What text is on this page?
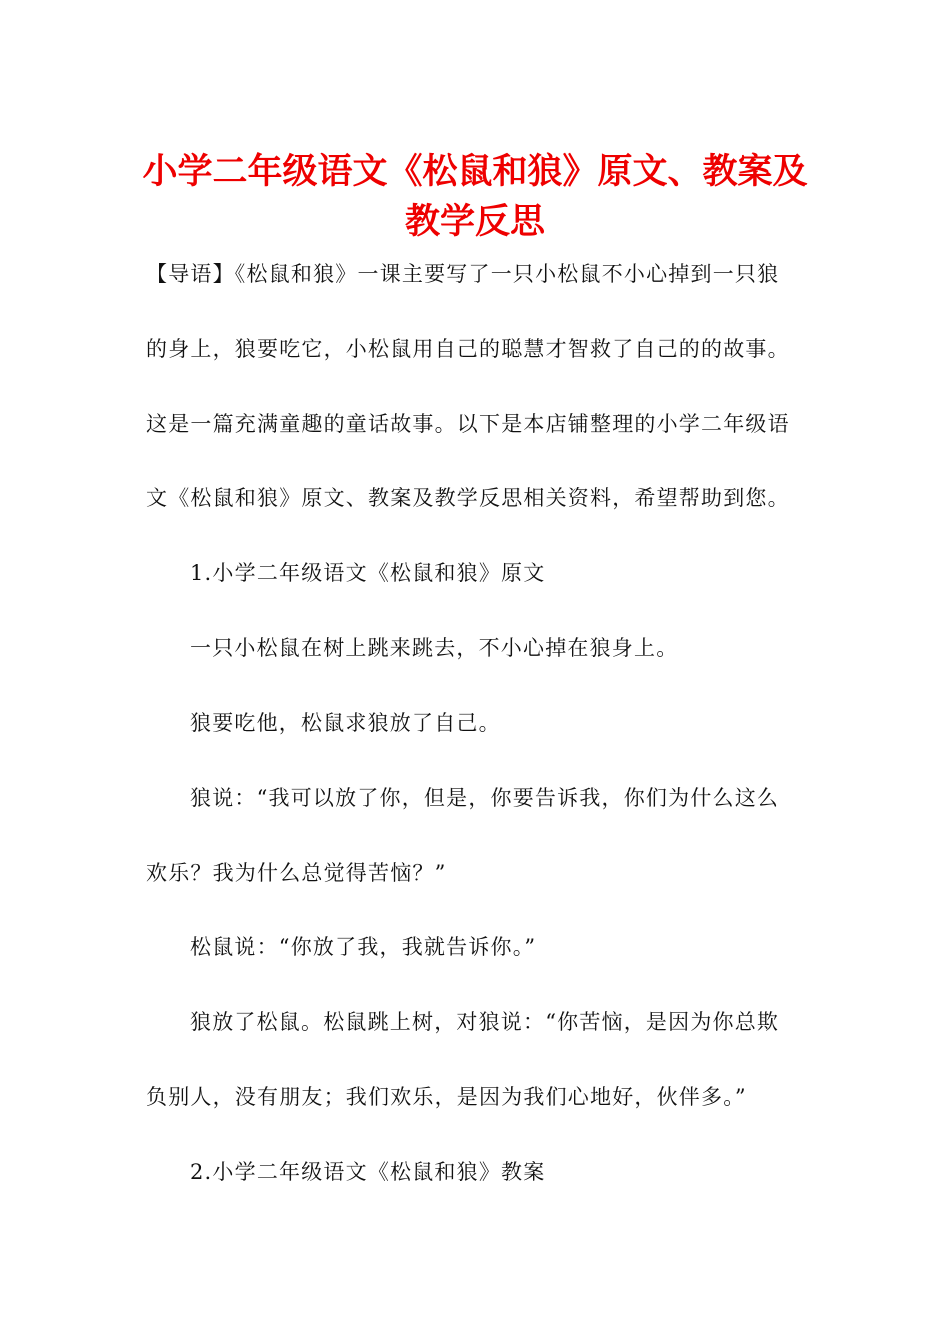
小学二年级语文《松鼠和狼》原文、教案及
教学反思
【导语】《松鼠和狼》一课主要写了一只小松鼠不小心掉到一只狼
的身上，狼要吃它，小松鼠用自己的聪慧才智救了自己的的故事。
这是一篇充满童趣的童话故事。以下是本店铺整理的小学二年级语
文《松鼠和狼》原文、教案及教学反思相关资料，希望帮助到您。
1.小学二年级语文《松鼠和狼》原文
一只小松鼠在树上跳来跳去，不小心掉在狼身上。
狼要吃他，松鼠求狼放了自己。
狼说：“我可以放了你，但是，你要告诉我，你们为什么这么
欢乐？我为什么总觉得苦恼？”
松鼠说：“你放了我，我就告诉你。”
狼放了松鼠。松鼠跳上树，对狼说：“你苦恼，是因为你总欺
负别人，没有朋友；我们欢乐，是因为我们心地好，伙伴多。”
2.小学二年级语文《松鼠和狼》教案
